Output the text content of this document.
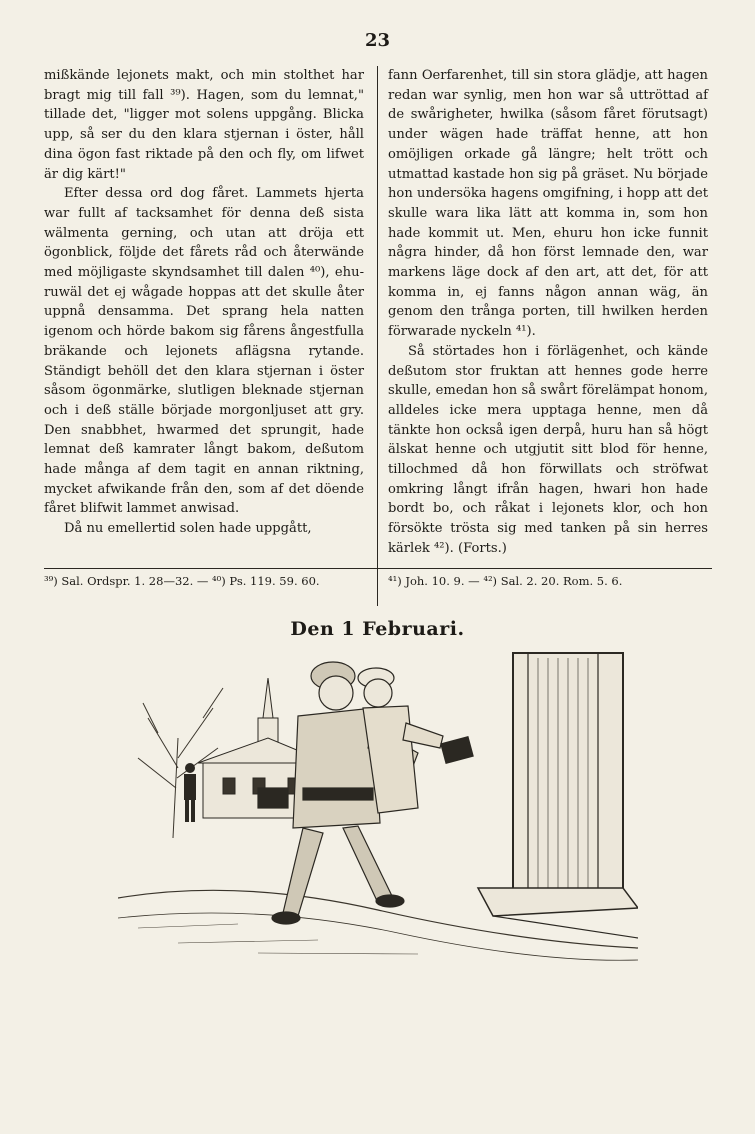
23

mißkände lejonets makt, och min stolthet har bragt mig till fall ³⁹). Hagen, som du lemnat," tillade det, "ligger mot solens uppgång. Blicka upp, så ser du den klara stjernan i öster, håll dina ögon fast riktade på den och fly, om lifwet är dig kärt!"

Efter dessa ord dog fåret. Lammets hjerta war fullt af tacksamhet för denna deß sista wälmenta gerning, och utan att dröja ett ögonblick, följde det fårets råd och återwände med möjligaste skyndsamhet till dalen ⁴⁰), ehuruwäl det ej wågade hoppas att det skulle åter uppnå densamma. Det sprang hela natten igenom och hörde bakom sig fårens ångestfulla bräkande och lejonets aflägsna rytande. Ständigt behöll det den klara stjernan i öster såsom ögonmärke, slutligen bleknade stjernan och i deß ställe började morgonljuset att gry. Den snabbhet, hwarmed det sprungit, hade lemnat deß kamrater långt bakom, deßutom hade många af dem tagit en annan riktning, mycket afwikande från den, som af det döende fåret blifwit lammet anwisad.

Då nu emellertid solen hade uppgått,

fann Oerfarenhet, till sin stora glädje, att hagen redan war synlig, men hon war så uttröttad af de swårigheter, hwilka (såsom fåret förutsagt) under wägen hade träffat henne, att hon omöjligen orkade gå längre; helt trött och utmattad kastade hon sig på gräset. Nu började hon undersöka hagens omgifning, i hopp att det skulle wara lika lätt att komma in, som hon hade kommit ut. Men, ehuru hon icke funnit några hinder, då hon först lemnade den, war markens läge dock af den art, att det, för att komma in, ej fanns någon annan wäg, än genom den trånga porten, till hwilken herden förwarade nyckeln ⁴¹).

Så störtades hon i förlägenhet, och kände deßutom stor fruktan att hennes gode herre skulle, emedan hon så swårt förelämpat honom, alldeles icke mera upptaga henne, men då tänkte hon också igen derpå, huru han så högt älskat henne och utgjutit sitt blod för henne, tillochmed då hon förwillats och ströfwat omkring långt ifrån hagen, hwari hon hade bordt bo, och råkat i lejonets klor, och hon försökte trösta sig med tanken på sin herres kärlek ⁴²). (Forts.)

³⁹) Sal. Ordspr. 1. 28—32. — ⁴⁰) Ps. 119. 59. 60.	⁴¹) Joh. 10. 9. — ⁴²) Sal. 2. 20. Rom. 5. 6.
Den 1 Februari.
